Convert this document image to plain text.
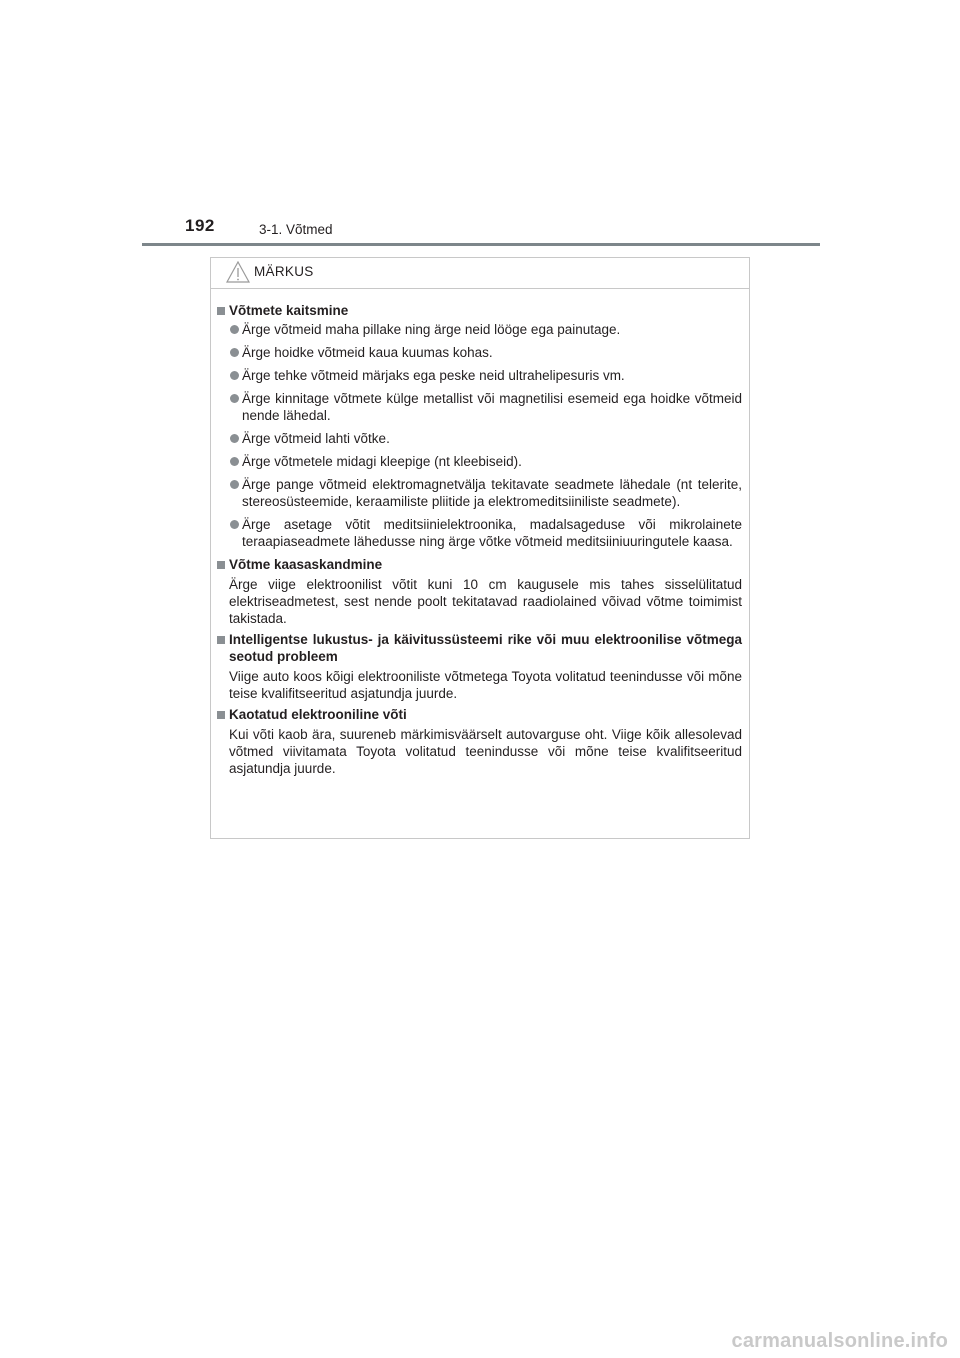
192	3-1. Võtmed
MÄRKUS
Võtmete kaitsmine
Ärge võtmeid maha pillake ning ärge neid lööge ega painutage.
Ärge hoidke võtmeid kaua kuumas kohas.
Ärge tehke võtmeid märjaks ega peske neid ultrahelipesuris vm.
Ärge kinnitage võtmete külge metallist või magnetilisi esemeid ega hoidke võtmeid nende lähedal.
Ärge võtmeid lahti võtke.
Ärge võtmetele midagi kleepige (nt kleebiseid).
Ärge pange võtmeid elektromagnetvälja tekitavate seadmete lähedale (nt telerite, stereosüsteemide, keraamiliste pliitide ja elektromeditsiiniliste seadmete).
Ärge asetage võtit meditsiinielektroonika, madalsageduse või mikrolainete teraapiaseadmete lähedusse ning ärge võtke võtmeid meditsiiniuuringutele kaasa.
Võtme kaasaskandmine

Ärge viige elektroonilist võtit kuni 10 cm kaugusele mis tahes sisselülitatud elektriseadmetest, sest nende poolt tekitatavad raadiolained võivad võtme toimimist takistada.

Intelligentse lukustus- ja käivitussüsteemi rike või muu elektroonilise võtmega seotud probleem

Viige auto koos kõigi elektrooniliste võtmetega Toyota volitatud teenindusse või mõne teise kvalifitseeritud asjatundja juurde.

Kaotatud elektrooniline võti

Kui võti kaob ära, suureneb märkimisväärselt autovarguse oht. Viige kõik allesolevad võtmed viivitamata Toyota volitatud teenindusse või mõne teise kvalifitseeritud asjatundja juurde.

carmanualsonline.info
